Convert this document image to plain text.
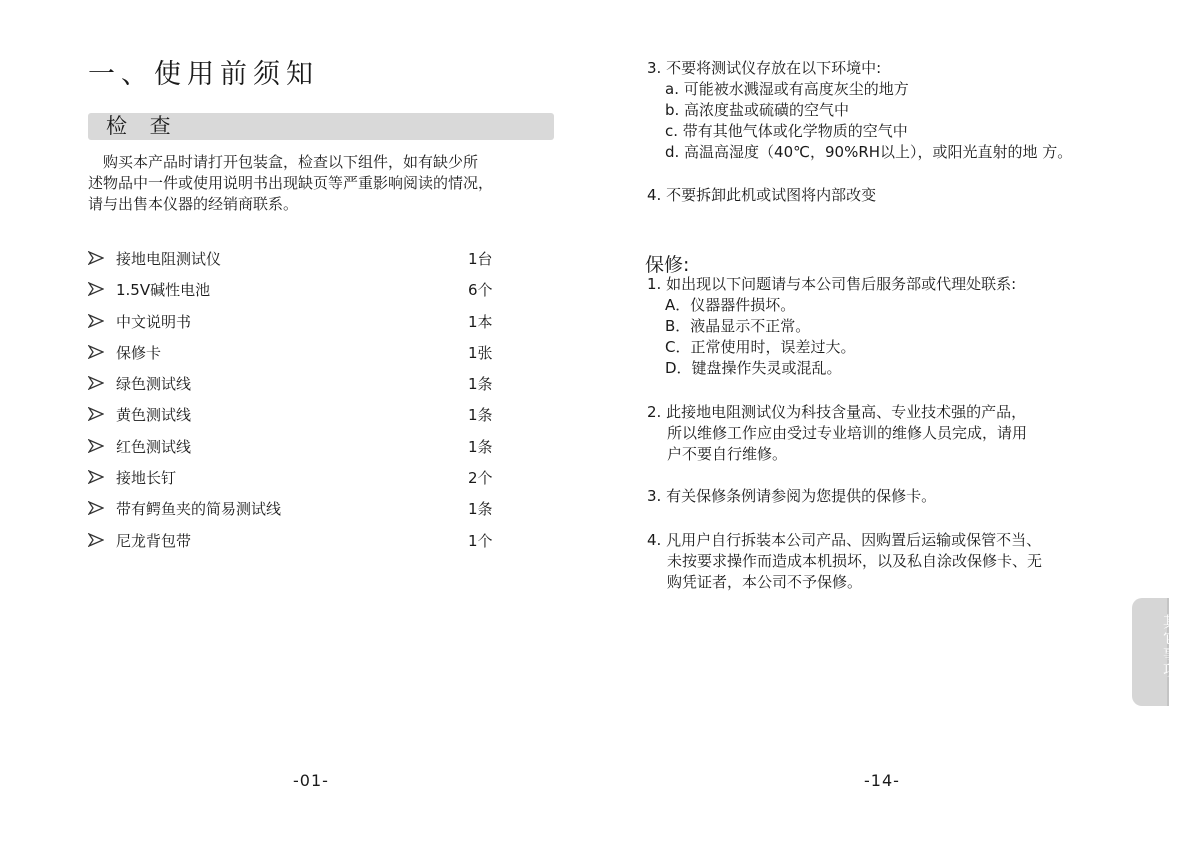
一、使用前须知
检 查
购买本产品时请打开包装盒，检查以下组件，如有缺少所
述物品中一件或使用说明书出现缺页等严重影响阅读的情况，
请与出售本仪器的经销商联系。
接地电阻测试仪	1台
1.5V碱性电池	6个
中文说明书	1本
保修卡	1张
绿色测试线	1条
黄色测试线	1条
红色测试线	1条
接地长钉	2个
带有鳄鱼夹的简易测试线	1条
尼龙背包带	1个
-01-

3. 不要将测试仪存放在以下环境中:

a. 可能被水溅湿或有高度灰尘的地方

b. 高浓度盐或硫磺的空气中

c. 带有其他气体或化学物质的空气中

d. 高温高湿度（40℃，90%RH以上），或阳光直射的地 方。

4. 不要拆卸此机或试图将内部改变

保修:

1. 如出现以下问题请与本公司售后服务部或代理处联系:

A．仪器器件损坏。

B．液晶显示不正常。

C．正常使用时，误差过大。

D．键盘操作失灵或混乱。

2. 此接地电阻测试仪为科技含量高、专业技术强的产品，

所以维修工作应由受过专业培训的维修人员完成，请用

户不要自行维修。

3. 有关保修条例请参阅为您提供的保修卡。

4. 凡用户自行拆装本公司产品、因购置后运输或保管不当、

未按要求操作而造成本机损坏，以及私自涂改保修卡、无

购凭证者，本公司不予保修。

其它事项
-14-
